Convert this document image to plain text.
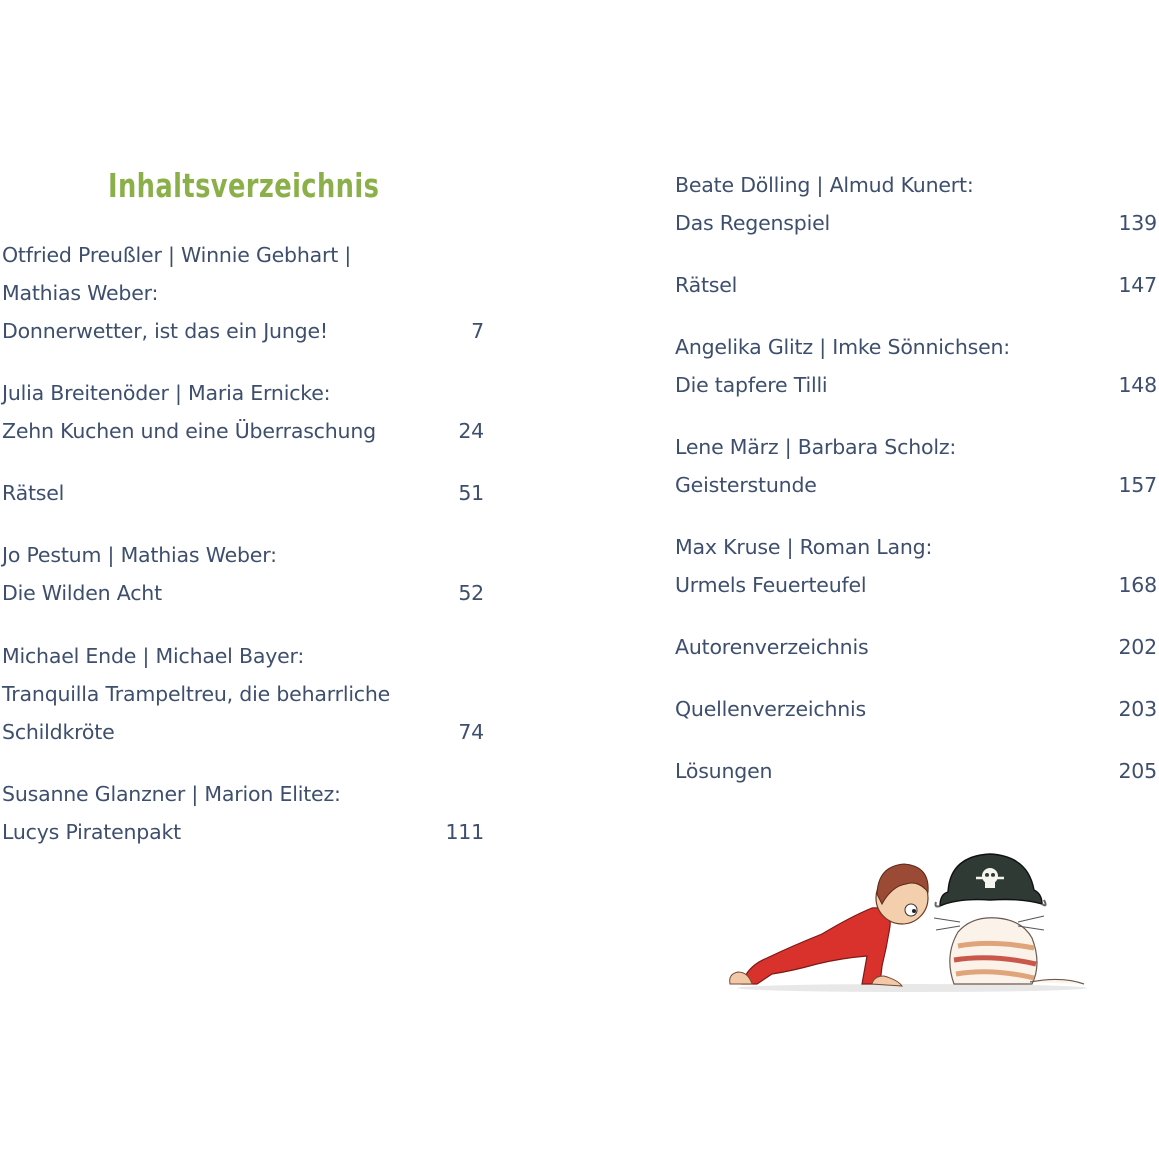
Inhaltsverzeichnis
Otfried Preußler | Winnie Gebhart |
Mathias Weber:
Donnerwetter, ist das ein Junge!	7
Julia Breitenöder | Maria Ernicke:
Zehn Kuchen und eine Überraschung	24
Rätsel	51
Jo Pestum | Mathias Weber:
Die Wilden Acht	52
Michael Ende | Michael Bayer:
Tranquilla Trampeltreu, die beharrliche
Schildkröte	74
Susanne Glanzner | Marion Elitez:
Lucys Piratenpakt	111
Beate Dölling | Almud Kunert:
Das Regenspiel	139
Rätsel	147
Angelika Glitz | Imke Sönnichsen:
Die tapfere Tilli	148
Lene März | Barbara Scholz:
Geisterstunde	157
Max Kruse | Roman Lang:
Urmels Feuerteufel	168
Autorenverzeichnis	202
Quellenverzeichnis	203
Lösungen	205
